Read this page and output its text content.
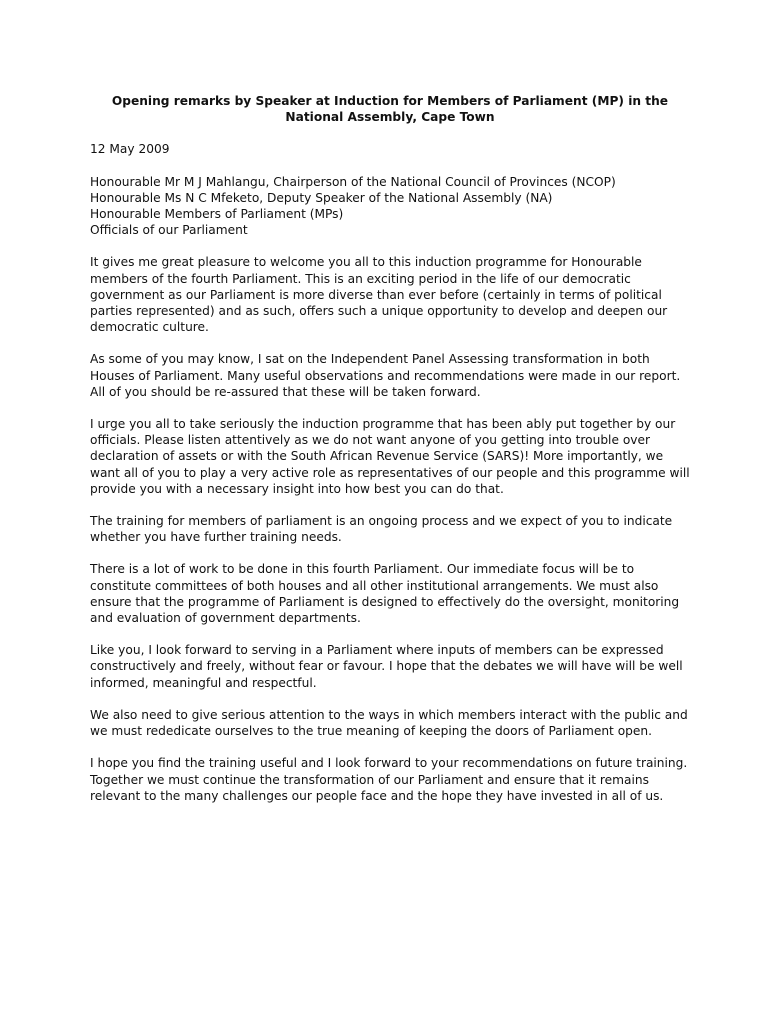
Opening remarks by Speaker at Induction for Members of Parliament (MP) in the National Assembly, Cape Town
12 May 2009
Honourable Mr M J Mahlangu, Chairperson of the National Council of Provinces (NCOP)
Honourable Ms N C Mfeketo, Deputy Speaker of the National Assembly (NA)
Honourable Members of Parliament (MPs)
Officials of our Parliament
It gives me great pleasure to welcome you all to this induction programme for Honourable members of the fourth Parliament. This is an exciting period in the life of our democratic government as our Parliament is more diverse than ever before (certainly in terms of political parties represented) and as such, offers such a unique opportunity to develop and deepen our democratic culture.
As some of you may know, I sat on the Independent Panel Assessing transformation in both Houses of Parliament. Many useful observations and recommendations were made in our report. All of you should be re-assured that these will be taken forward.
I urge you all to take seriously the induction programme that has been ably put together by our officials. Please listen attentively as we do not want anyone of you getting into trouble over declaration of assets or with the South African Revenue Service (SARS)! More importantly, we want all of you to play a very active role as representatives of our people and this programme will provide you with a necessary insight into how best you can do that.
The training for members of parliament is an ongoing process and we expect of you to indicate whether you have further training needs.
There is a lot of work to be done in this fourth Parliament. Our immediate focus will be to constitute committees of both houses and all other institutional arrangements. We must also ensure that the programme of Parliament is designed to effectively do the oversight, monitoring and evaluation of government departments.
Like you, I look forward to serving in a Parliament where inputs of members can be expressed constructively and freely, without fear or favour. I hope that the debates we will have will be well informed, meaningful and respectful.
We also need to give serious attention to the ways in which members interact with the public and we must rededicate ourselves to the true meaning of keeping the doors of Parliament open.
I hope you find the training useful and I look forward to your recommendations on future training. Together we must continue the transformation of our Parliament and ensure that it remains relevant to the many challenges our people face and the hope they have invested in all of us.
